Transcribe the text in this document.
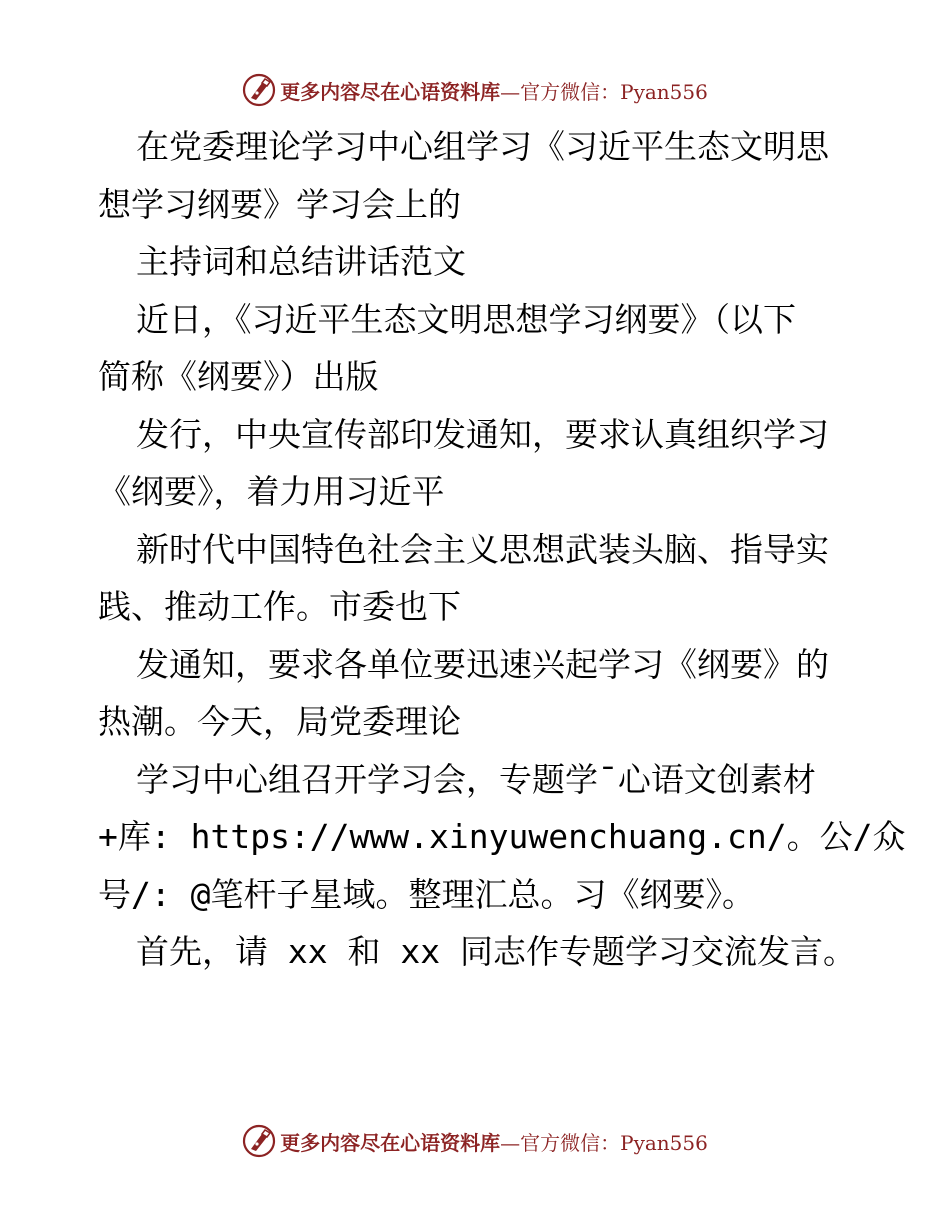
更多内容尽在心语资料库—官方微信：Pyan556
在党委理论学习中心组学习《习近平生态文明思
想学习纲要》学习会上的
主持词和总结讲话范文
近日，《习近平生态文明思想学习纲要》（以下
简称《纲要》）出版
发行，中央宣传部印发通知，要求认真组织学习
《纲要》，着力用习近平
新时代中国特色社会主义思想武装头脑、指导实
践、推动工作。市委也下
发通知，要求各单位要迅速兴起学习《纲要》的
热潮。今天，局党委理论
学习中心组召开学习会，专题学¯心语文创素材
+库: https://www.xinyuwenchuang.cn/。公/众
号/: @笔杆子星域。整理汇总。习《纲要》。
首先，请 xx 和 xx 同志作专题学习交流发言。
更多内容尽在心语资料库—官方微信：Pyan556
